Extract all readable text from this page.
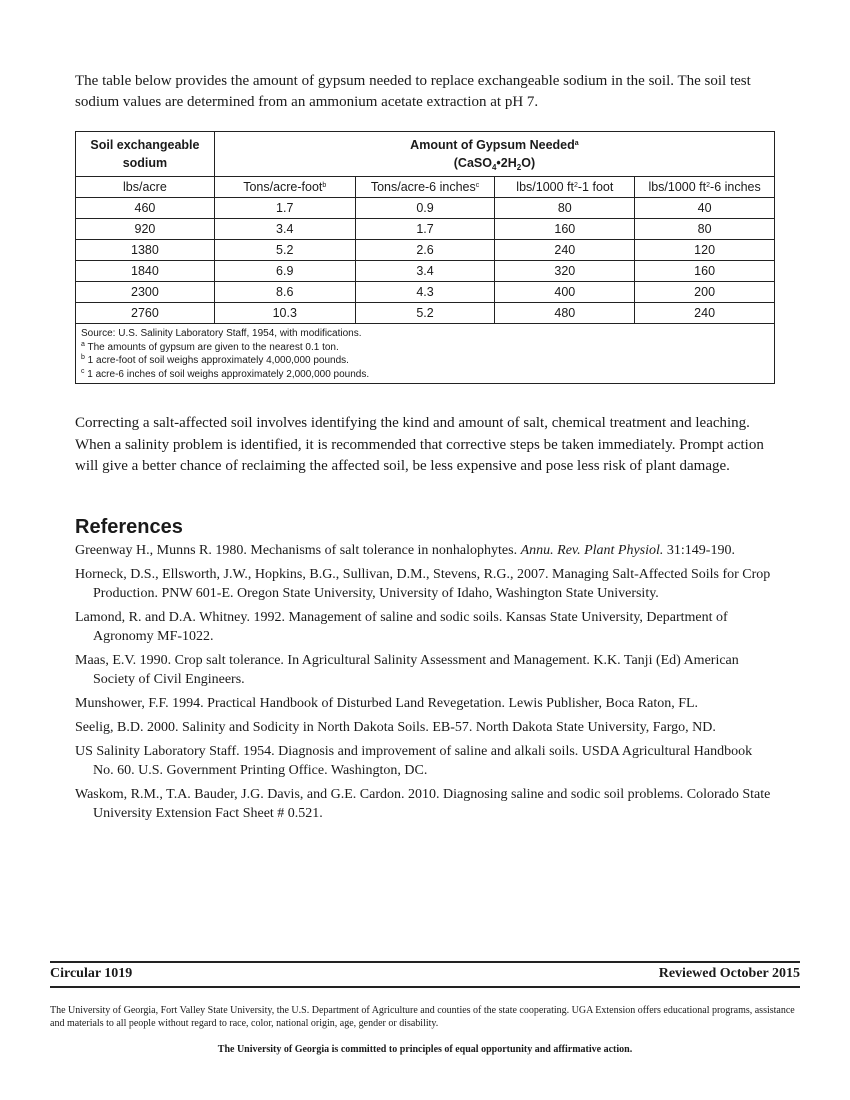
The table below provides the amount of gypsum needed to replace exchangeable sodium in the soil. The soil test sodium values are determined from an ammonium acetate extraction at pH 7.

Soil exchangeable
sodium	Amount of Gypsum Needed$^a$
$(CaSO_4•2H_2O)$			
lbs/acre	Tons/acre-foot$^b$	Tons/acre-6 inches$^c$	lbs/1000 $ft^2-1$ foot	lbs/1000 $ft^2-6$ inches
460	1.7	0.9	80	40
920	3.4	1.7	160	80
1380	5.2	2.6	240	120
1840	6.9	3.4	320	160
2300	8.6	4.3	400	200
2760	10.3	5.2	480	240

Source: U.S. Salinity Laboratory Staff, 1954, with modifications.
$^a$ The amounts of gypsum are given to the nearest 0.1 ton.
$^b$ 1 acre-foot of soil weighs approximately 4,000,000 pounds.
$^c$ 1 acre-6 inches of soil weighs approximately 2,000,000 pounds.				

Correcting a salt-affected soil involves identifying the kind and amount of salt, chemical treatment and leaching. When a salinity problem is identified, it is recommended that corrective steps be taken immediately. Prompt action will give a better chance of reclaiming the affected soil, be less expensive and pose less risk of plant damage.

References
Greenway H., Munns R. 1980. Mechanisms of salt tolerance in nonhalophytes. Annu. Rev. Plant Physiol. 31:149-190.
Horneck, D.S., Ellsworth, J.W., Hopkins, B.G., Sullivan, D.M., Stevens, R.G., 2007. Managing Salt-Affected Soils for Crop Production. PNW 601-E. Oregon State University, University of Idaho, Washington State University.
Lamond, R. and D.A. Whitney. 1992. Management of saline and sodic soils. Kansas State University, Department of Agronomy MF-1022.
Maas, E.V. 1990. Crop salt tolerance. In Agricultural Salinity Assessment and Management. K.K. Tanji (Ed) American Society of Civil Engineers.
Munshower, F.F. 1994. Practical Handbook of Disturbed Land Revegetation. Lewis Publisher, Boca Raton, FL.
Seelig, B.D. 2000. Salinity and Sodicity in North Dakota Soils. EB-57. North Dakota State University, Fargo, ND.
US Salinity Laboratory Staff. 1954. Diagnosis and improvement of saline and alkali soils. USDA Agricultural Handbook No. 60. U.S. Government Printing Office. Washington, DC.
Waskom, R.M., T.A. Bauder, J.G. Davis, and G.E. Cardon. 2010. Diagnosing saline and sodic soil problems. Colorado State University Extension Fact Sheet # 0.521.
Circular 1019	Reviewed October 2015

The University of Georgia, Fort Valley State University, the U.S. Department of Agriculture and counties of the state cooperating. UGA Extension offers educational programs, assistance and materials to all people without regard to race, color, national origin, age, gender or disability.

The University of Georgia is committed to principles of equal opportunity and affirmative action.
